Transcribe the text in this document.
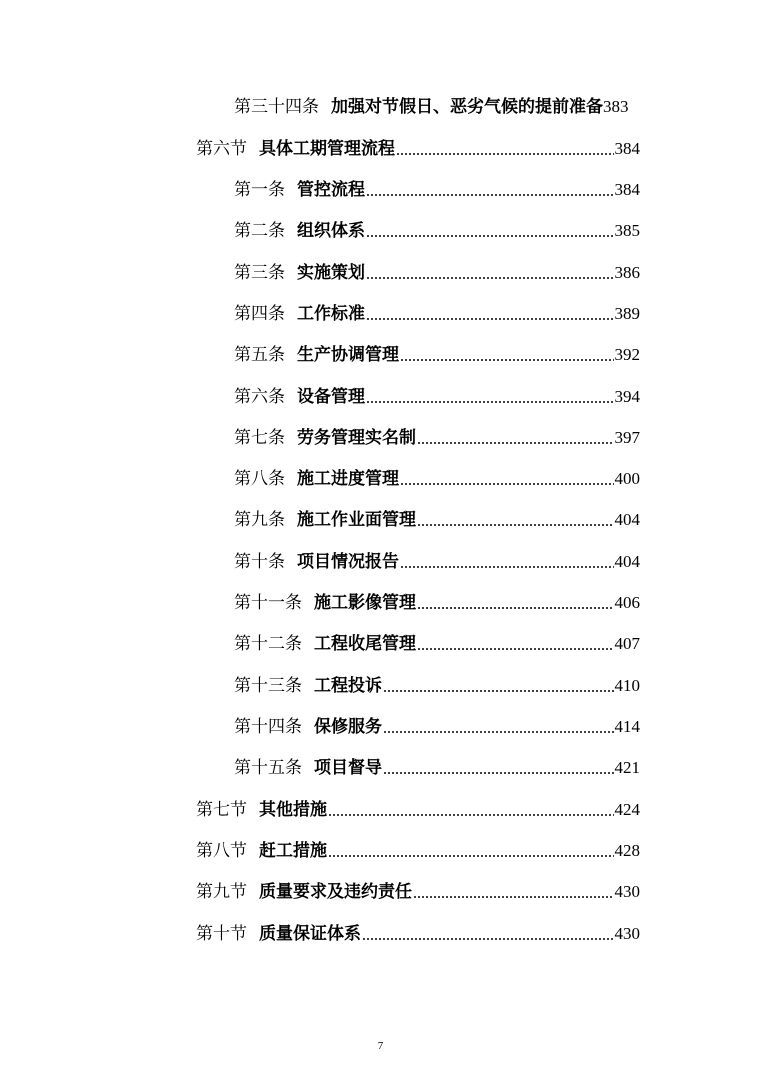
第三十四条 加强对节假日、恶劣气候的提前准备 383
第六节 具体工期管理流程	384
第一条 管控流程	384
第二条 组织体系	385
第三条 实施策划	386
第四条 工作标准	389
第五条 生产协调管理	392
第六条 设备管理	394
第七条 劳务管理实名制	397
第八条 施工进度管理	400
第九条 施工作业面管理	404
第十条 项目情况报告	404
第十一条 施工影像管理	406
第十二条 工程收尾管理	407
第十三条 工程投诉	410
第十四条 保修服务	414
第十五条 项目督导	421
第七节 其他措施	424
第八节 赶工措施	428
第九节 质量要求及违约责任	430
第十节 质量保证体系	430
7
